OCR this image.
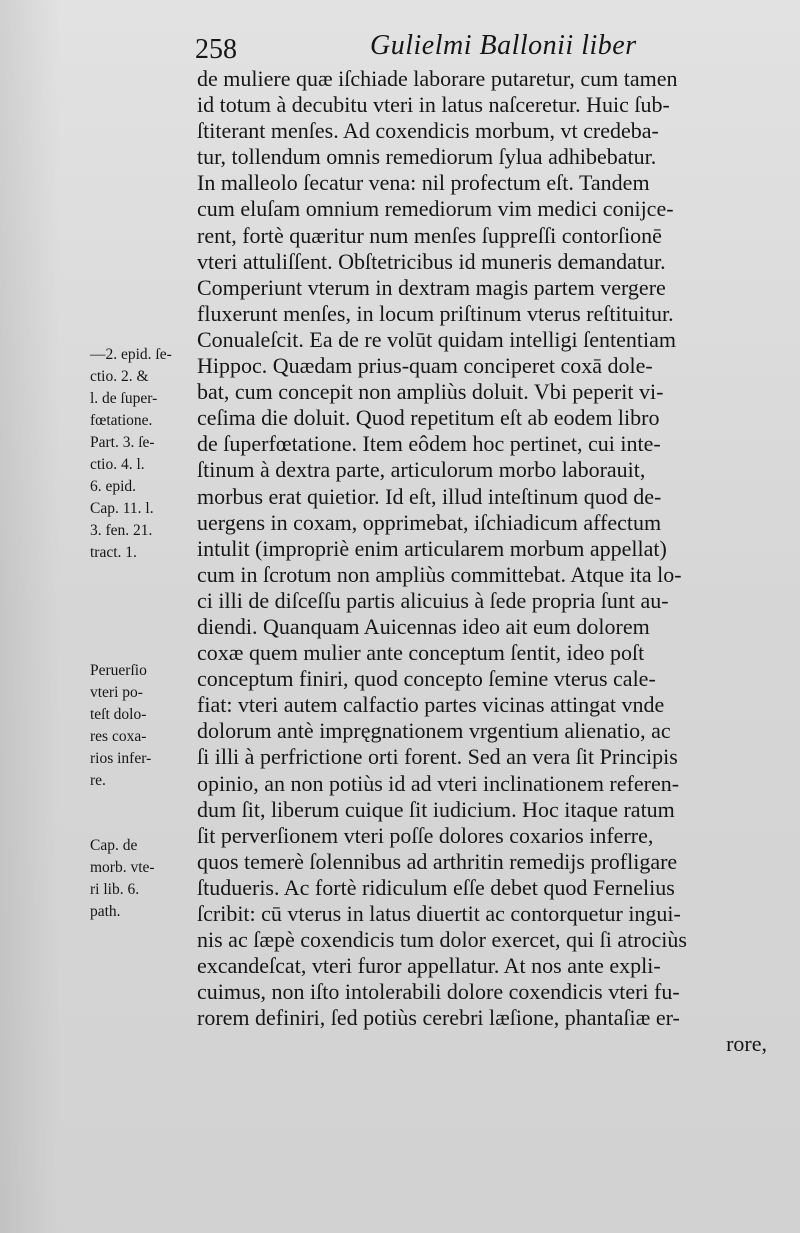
258	Gulielmi Ballonii liber
—2. epid. ſe-
ctio. 2. &
l. de ſuper-
fœtatione.
Part. 3. ſe-
ctio. 4. l.
6. epid.
Cap. 11. l.
3. fen. 21.
tract. 1.
Peruerſio
vteri po-
teſt dolo-
res coxa-
rios infer-
re.
Cap. de
morb. vte-
ri lib. 6.
path.
de muliere quæ iſchiade laborare putaretur, cum tamen
id totum à decubitu vteri in latus naſceretur. Huic ſub-
ſtiterant menſes. Ad coxendicis morbum, vt credeba-
tur, tollendum omnis remediorum ſylua adhibebatur.
In malleolo ſecatur vena: nil profectum eſt. Tandem
cum eluſam omnium remediorum vim medici conijce-
rent, fortè quæritur num menſes ſuppreſſi contorſionē
vteri attuliſſent. Obſtetricibus id muneris demandatur.
Comperiunt vterum in dextram magis partem vergere
fluxerunt menſes, in locum priſtinum vterus reſtituitur.
Conualeſcit. Ea de re volūt quidam intelligi ſententiam
Hippoc. Quædam prius-quam conciperet coxā dole-
bat, cum concepit non ampliùs doluit. Vbi peperit vi-
ceſima die doluit. Quod repetitum eſt ab eodem libro
de ſuperfœtatione. Item eôdem hoc pertinet, cui inte-
ſtinum à dextra parte, articulorum morbo laborauit,
morbus erat quietior. Id eſt, illud inteſtinum quod de-
uergens in coxam, opprimebat, iſchiadicum affectum
intulit (impropriè enim articularem morbum appellat)
cum in ſcrotum non ampliùs committebat. Atque ita lo-
ci illi de diſceſſu partis alicuius à ſede propria ſunt au-
diendi. Quanquam Auicennas ideo ait eum dolorem
coxæ quem mulier ante conceptum ſentit, ideo poſt
conceptum finiri, quod concepto ſemine vterus cale-
fiat: vteri autem calfactio partes vicinas attingat vnde
dolorum antè impręgnationem vrgentium alienatio, ac
ſi illi à perfrictione orti forent. Sed an vera ſit Principis
opinio, an non potiùs id ad vteri inclinationem referen-
dum ſit, liberum cuique ſit iudicium. Hoc itaque ratum
ſit perverſionem vteri poſſe dolores coxarios inferre,
quos temerè ſolennibus ad arthritin remedijs profligare
ſtudueris. Ac fortè ridiculum eſſe debet quod Fernelius
ſcribit: cū vterus in latus diuertit ac contorquetur ingui-
nis ac ſæpè coxendicis tum dolor exercet, qui ſi atrociùs
excandeſcat, vteri furor appellatur. At nos ante expli-
cuimus, non iſto intolerabili dolore coxendicis vteri fu-
rorem definiri, ſed potiùs cerebri læſione, phantaſiæ er-
rore,
